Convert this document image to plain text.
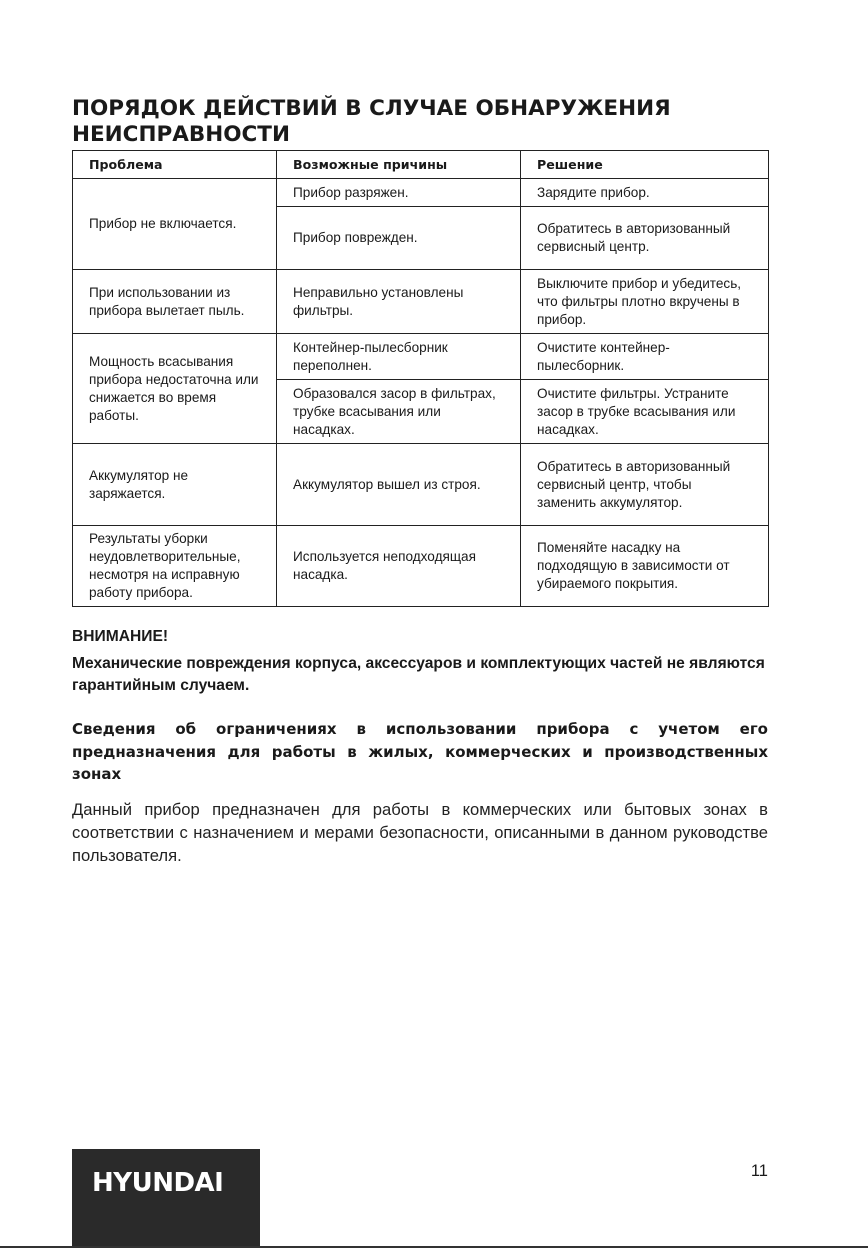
ПОРЯДОК ДЕЙСТВИЙ В СЛУЧАЕ ОБНАРУЖЕНИЯ НЕИСПРАВНОСТИ
Проблема	Возможные причины	Решение
Прибор не включается.	Прибор разряжен.	Зарядите прибор.
	Прибор поврежден.	Обратитесь в авторизованный сервисный центр.
При использовании из прибора вылетает пыль.	Неправильно установлены фильтры.	Выключите прибор и убедитесь, что фильтры плотно вкручены в прибор.
Мощность всасывания прибора недостаточна или снижается во время работы.	Контейнер-пылесборник переполнен.	Очистите контейнер-пылесборник.
	Образовался засор в фильтрах, трубке всасывания или насадках.	Очистите фильтры. Устраните засор в трубке всасывания или насадках.
Аккумулятор не заряжается.	Аккумулятор вышел из строя.	Обратитесь в авторизованный сервисный центр, чтобы заменить аккумулятор.
Результаты уборки неудовлетворительные, несмотря на исправную работу прибора.	Используется неподходящая насадка.	Поменяйте насадку на подходящую в зависимости от убираемого покрытия.
ВНИМАНИЕ!
Механические повреждения корпуса, аксессуаров и комплектующих частей не являются гарантийным случаем.
Сведения об ограничениях в использовании прибора с учетом его предназначения для работы в жилых, коммерческих и производственных зонах
Данный прибор предназначен для работы в коммерческих или бытовых зонах в соответствии с назначением и мерами безопасности, описанными в данном руководстве пользователя.
HYUNDAI	11
